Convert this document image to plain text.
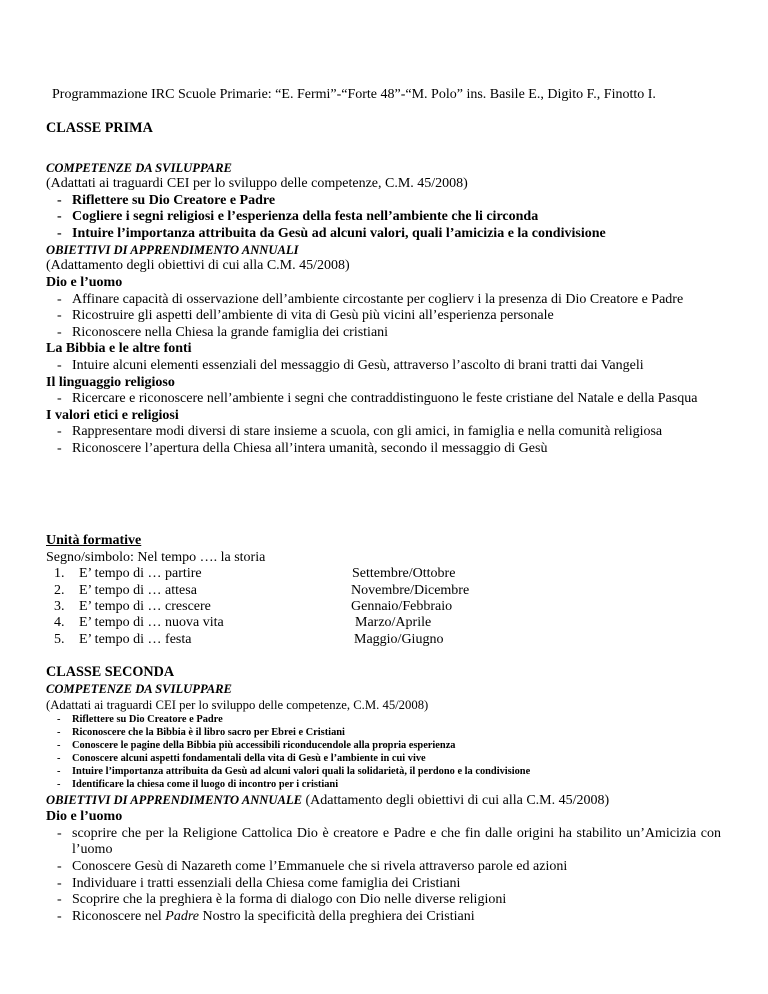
Programmazione IRC Scuole Primarie: “E. Fermi”-“Forte 48”-“M. Polo” ins. Basile E., Digito F., Finotto I.
CLASSE PRIMA
COMPETENZE DA SVILUPPARE
(Adattati ai traguardi CEI per lo sviluppo delle competenze, C.M. 45/2008)
- Riflettere su Dio Creatore e Padre
- Cogliere i segni religiosi e l’esperienza della festa nell’ambiente che li circonda
- Intuire l’importanza attribuita da Gesù ad alcuni valori, quali l’amicizia e la condivisione
OBIETTIVI DI APPRENDIMENTO ANNUALI
(Adattamento degli obiettivi di cui alla C.M. 45/2008)
Dio e l’uomo
- Affinare capacità di osservazione dell’ambiente circostante per coglierv i la presenza di Dio Creatore e Padre
- Ricostruire gli aspetti dell’ambiente di vita di Gesù più vicini all’esperienza personale
- Riconoscere nella Chiesa la grande famiglia dei cristiani
La Bibbia e le altre fonti
- Intuire alcuni elementi essenziali del messaggio di Gesù, attraverso l’ascolto di brani tratti dai Vangeli
Il linguaggio religioso
- Ricercare e riconoscere nell’ambiente i segni che contraddistinguono le feste cristiane del Natale e della Pasqua
I valori etici e religiosi
- Rappresentare modi diversi di stare insieme a scuola, con gli amici, in famiglia e nella comunità religiosa
- Riconoscere l’apertura della Chiesa all’intera umanità, secondo il messaggio di Gesù
Unità formative
Segno/simbolo: Nel tempo …. la storia
1. E’ tempo di … partire	Settembre/Ottobre
2. E’ tempo di … attesa	Novembre/Dicembre
3. E’ tempo di … crescere	Gennaio/Febbraio
4. E’ tempo di … nuova vita	Marzo/Aprile
5. E’ tempo di … festa	Maggio/Giugno
CLASSE SECONDA
COMPETENZE DA SVILUPPARE
(Adattati ai traguardi CEI per lo sviluppo delle competenze, C.M. 45/2008)
- Riflettere su Dio Creatore e Padre
- Riconoscere che la Bibbia è il libro sacro per Ebrei e Cristiani
- Conoscere le pagine della Bibbia più accessibili riconducendole alla propria esperienza
- Conoscere alcuni aspetti fondamentali della vita di Gesù e l’ambiente in cui vive
- Intuire l’importanza attribuita da Gesù ad alcuni valori quali la solidarietà, il perdono e la condivisione
- Identificare la chiesa come il luogo di incontro per i cristiani
OBIETTIVI DI APPRENDIMENTO ANNUALE (Adattamento degli obiettivi di cui alla C.M. 45/2008)
Dio e l’uomo
- scoprire che per la Religione Cattolica Dio è creatore e Padre e che fin dalle origini ha stabilito un’Amicizia con l’uomo
- Conoscere Gesù di Nazareth come l’Emmanuele che si rivela attraverso parole ed azioni
- Individuare i tratti essenziali della Chiesa come famiglia dei Cristiani
- Scoprire che la preghiera è la forma di dialogo con Dio nelle diverse religioni
- Riconoscere nel Padre Nostro la specificità della preghiera dei Cristiani
